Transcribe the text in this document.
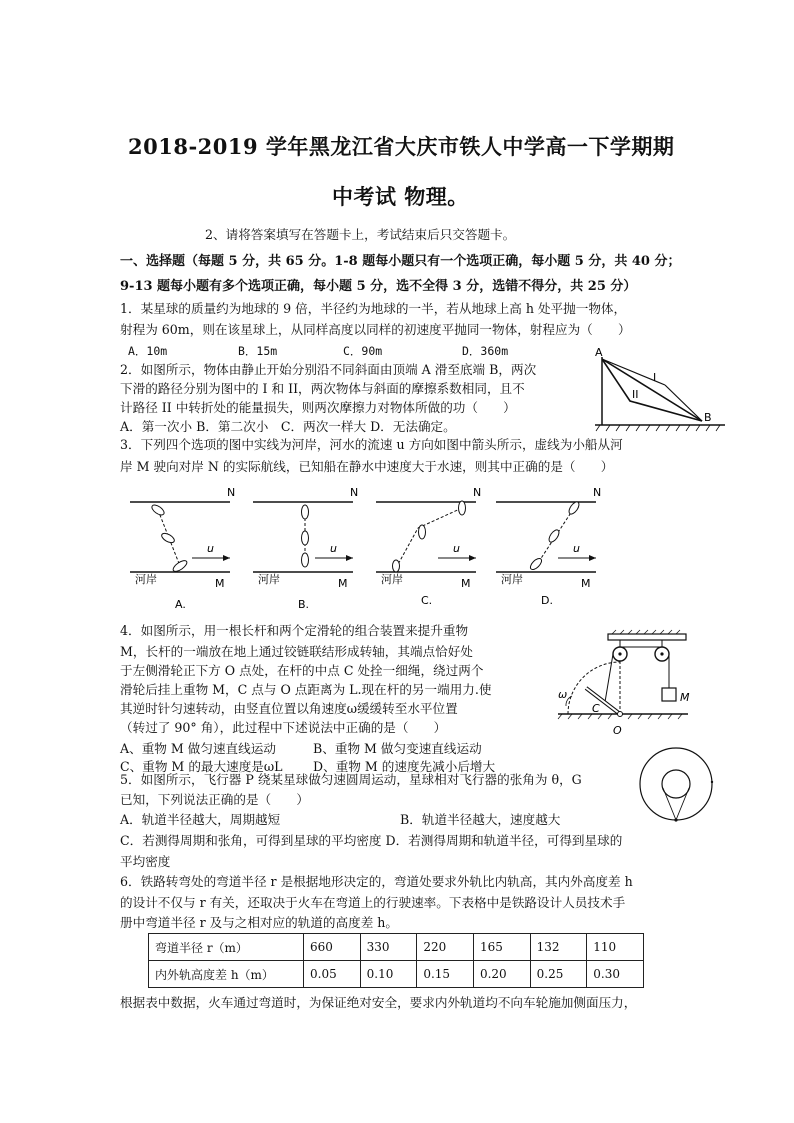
2018-2019 学年黑龙江省大庆市铁人中学高一下学期期
中考试 物理。
2、请将答案填写在答题卡上，考试结束后只交答题卡。
一、选择题（每题 5 分，共 65 分。1-8 题每小题只有一个选项正确，每小题 5 分，共 40 分；
9-13 题每小题有多个选项正确，每小题 5 分，选不全得 3 分，选错不得分，共 25 分）
1．某星球的质量约为地球的 9 倍，半径约为地球的一半，若从地球上高 h 处平抛一物体，
射程为 60m，则在该星球上，从同样高度以同样的初速度平抛同一物体，射程应为（　　）
A．10m	B．15m	C．90m	D．360m
2．如图所示，物体由静止开始分别沿不同斜面由顶端 A 滑至底端 B，两次
下滑的路径分别为图中的 I 和 II，两次物体与斜面的摩擦系数相同，且不
计路径 II 中转折处的能量损失，则两次摩擦力对物体所做的功（　　）
A．第一次小 B．第二次小　C．两次一样大 D．无法确定。
A
B
I
II
3．下列四个选项的图中实线为河岸，河水的流速 u 方向如图中箭头所示，虚线为小船从河
岸 M 驶向对岸 N 的实际航线，已知船在静水中速度大于水速，则其中正确的是（　　）
N
M
河岸
u
A.
N
M
河岸
u
B.
N
M
河岸
u
C.
N
M
河岸
u
D.
4．如图所示，用一根长杆和两个定滑轮的组合装置来提升重物
M，长杆的一端放在地上通过铰链联结形成转轴，其端点恰好处
于左侧滑轮正下方 O 点处，在杆的中点 C 处拴一细绳，绕过两个
滑轮后挂上重物 M，C 点与 O 点距离为 L.现在杆的另一端用力.使
其逆时针匀速转动，由竖直位置以角速度ω缓缓转至水平位置
（转过了 90° 角），此过程中下述说法中正确的是（　　）
A、重物 M 做匀速直线运动	B、重物 M 做匀变速直线运动
C、重物 M 的最大速度是ωL D、重物 M 的速度先减小后增大
M
ω
C
O
5．如图所示，飞行器 P 绕某星球做匀速圆周运动，星球相对飞行器的张角为 θ，G
已知，下列说法正确的是（　　）
A．轨道半径越大，周期越短	B．轨道半径越大，速度越大
C．若测得周期和张角，可得到星球的平均密度 D．若测得周期和轨道半径，可得到星球的
平均密度
6．铁路转弯处的弯道半径 r 是根据地形决定的，弯道处要求外轨比内轨高，其内外高度差 h
的设计不仅与 r 有关，还取决于火车在弯道上的行驶速率。下表格中是铁路设计人员技术手
册中弯道半径 r 及与之相对应的轨道的高度差 h。
弯道半径 r（m）	660	330	220	165	132	110
内外轨高度差 h（m）	0.05	0.10	0.15	0.20	0.25	0.30
根据表中数据，火车通过弯道时，为保证绝对安全，要求内外轨道均不向车轮施加侧面压力，
